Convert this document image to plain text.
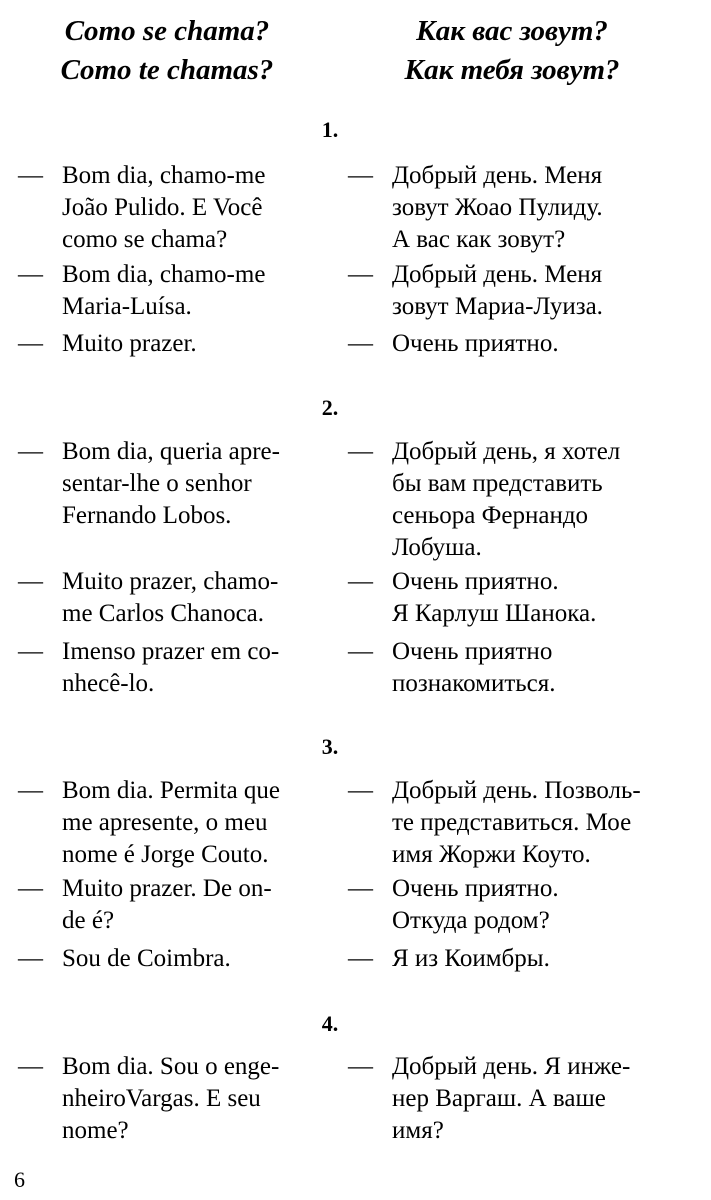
Como se chama?
Como te chamas?
Как вас зовут?
Как тебя зовут?
1.
— Bom dia, chamo-me
João Pulido. E Você
como se chama?
— Добрый день. Меня
зовут Жоао Пулиду.
А вас как зовут?
— Bom dia, chamo-me
Maria-Luísa.
— Добрый день. Меня
зовут Мариа-Луиза.
— Muito prazer.	— Очень приятно.
2.
— Bom dia, queria apre-
sentar-lhe o senhor
Fernando Lobos.
— Добрый день, я хотел
бы вам представить
сеньора Фернандо
Лобуша.
— Muito prazer, chamo-
me Carlos Chanoca.
— Очень приятно.
Я Карлуш Шанока.
— Imenso prazer em co-
nhecê-lo.
— Очень приятно
познакомиться.
3.
— Bom dia. Permita que
me apresente, o meu
nome é Jorge Couto.
— Добрый день. Позволь-
те представиться. Мое
имя Жоржи Коуто.
— Muito prazer. De on-
de é?
— Очень приятно.
Откуда родом?
— Sou de Coimbra.	— Я из Коимбры.
4.
— Bom dia. Sou o enge-
nheiroVargas. E seu
nome?
— Добрый день. Я инже-
нер Варгаш. А ваше
имя?
6
